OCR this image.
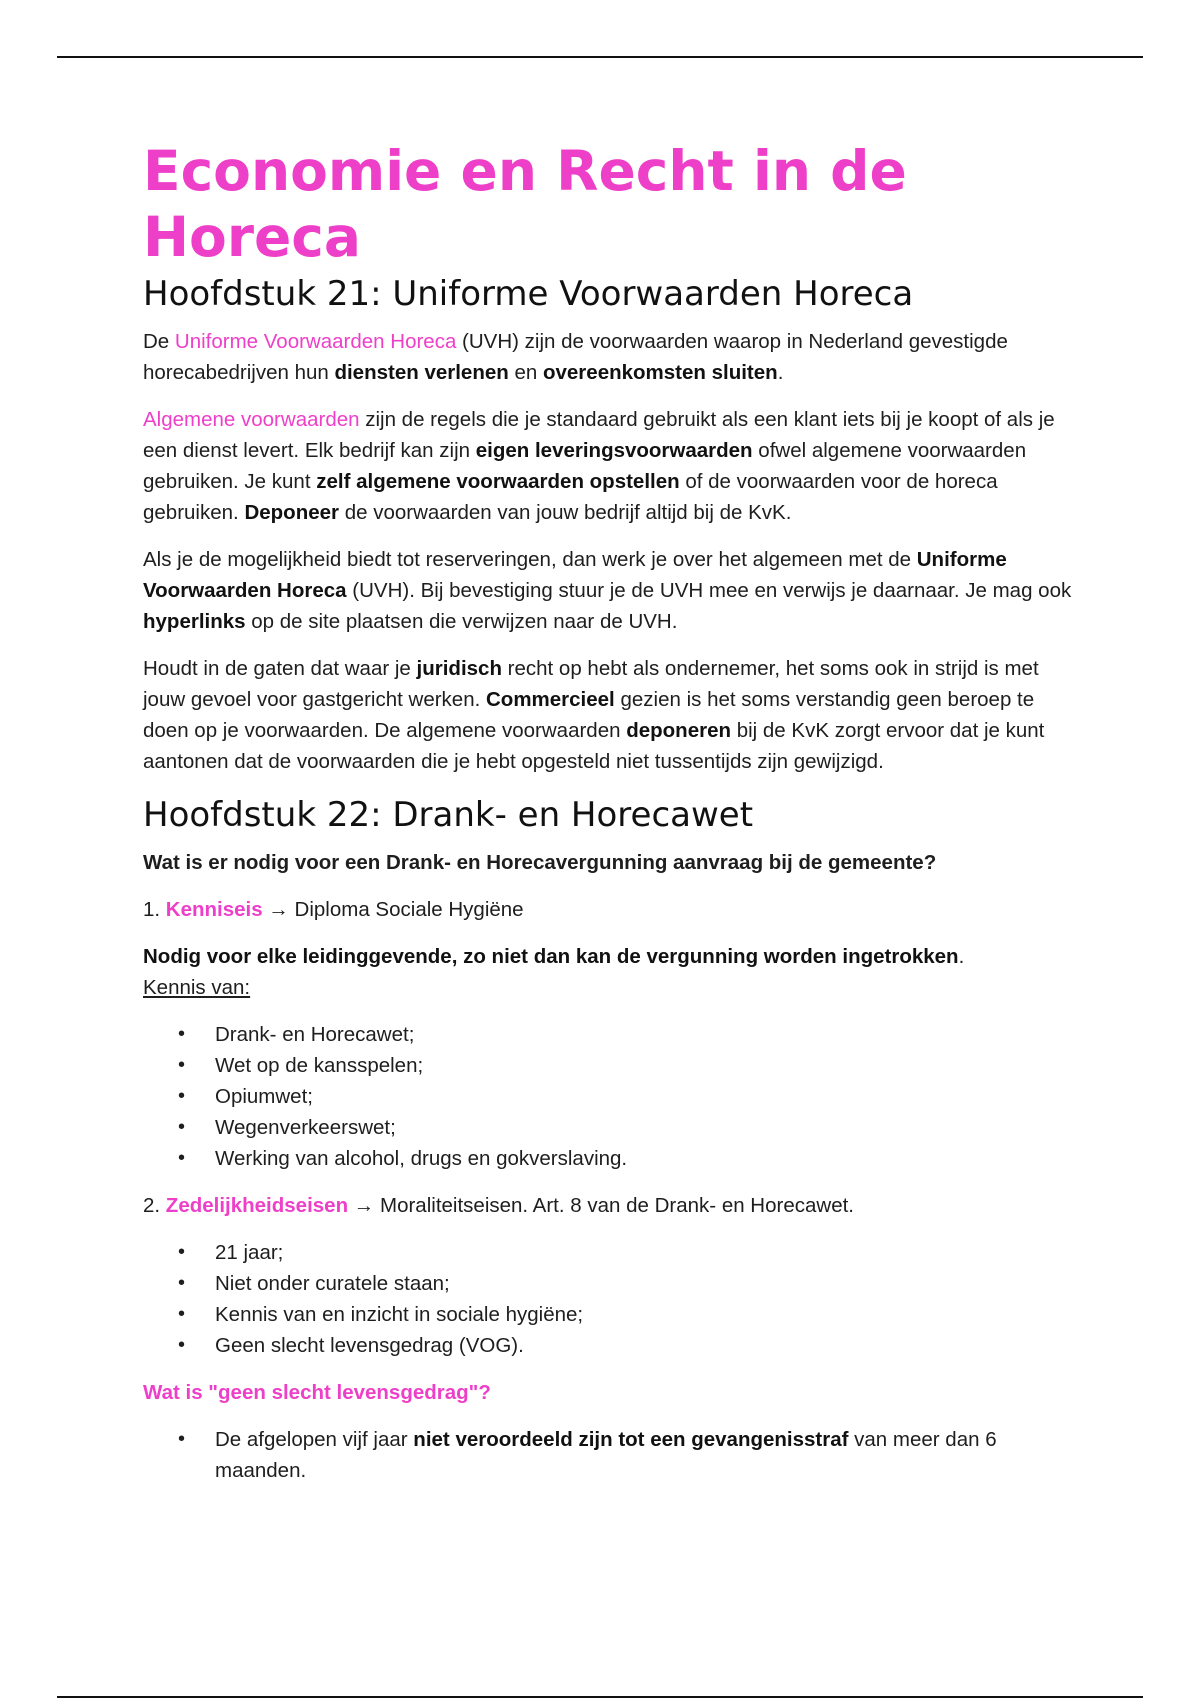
Economie en Recht in de Horeca
Hoofdstuk 21: Uniforme Voorwaarden Horeca

De Uniforme Voorwaarden Horeca (UVH) zijn de voorwaarden waarop in Nederland gevestigde horecabedrijven hun diensten verlenen en overeenkomsten sluiten.

Algemene voorwaarden zijn de regels die je standaard gebruikt als een klant iets bij je koopt of als je een dienst levert. Elk bedrijf kan zijn eigen leveringsvoorwaarden ofwel algemene voorwaarden gebruiken. Je kunt zelf algemene voorwaarden opstellen of de voorwaarden voor de horeca gebruiken. Deponeer de voorwaarden van jouw bedrijf altijd bij de KvK.

Als je de mogelijkheid biedt tot reserveringen, dan werk je over het algemeen met de Uniforme Voorwaarden Horeca (UVH). Bij bevestiging stuur je de UVH mee en verwijs je daarnaar. Je mag ook hyperlinks op de site plaatsen die verwijzen naar de UVH.

Houdt in de gaten dat waar je juridisch recht op hebt als ondernemer, het soms ook in strijd is met jouw gevoel voor gastgericht werken. Commercieel gezien is het soms verstandig geen beroep te doen op je voorwaarden. De algemene voorwaarden deponeren bij de KvK zorgt ervoor dat je kunt aantonen dat de voorwaarden die je hebt opgesteld niet tussentijds zijn gewijzigd.

Hoofdstuk 22: Drank- en Horecawet

Wat is er nodig voor een Drank- en Horecavergunning aanvraag bij de gemeente?

1. Kenniseis → Diploma Sociale Hygiëne

Nodig voor elke leidinggevende, zo niet dan kan de vergunning worden ingetrokken.
Kennis van:

• Drank- en Horecawet;
• Wet op de kansspelen;
• Opiumwet;
• Wegenverkeerswet;
• Werking van alcohol, drugs en gokverslaving.

2. Zedelijkheidseisen → Moraliteitseisen. Art. 8 van de Drank- en Horecawet.

• 21 jaar;
• Niet onder curatele staan;
• Kennis van en inzicht in sociale hygiëne;
• Geen slecht levensgedrag (VOG).

Wat is "geen slecht levensgedrag"?

• De afgelopen vijf jaar niet veroordeeld zijn tot een gevangenisstraf van meer dan 6 maanden.
